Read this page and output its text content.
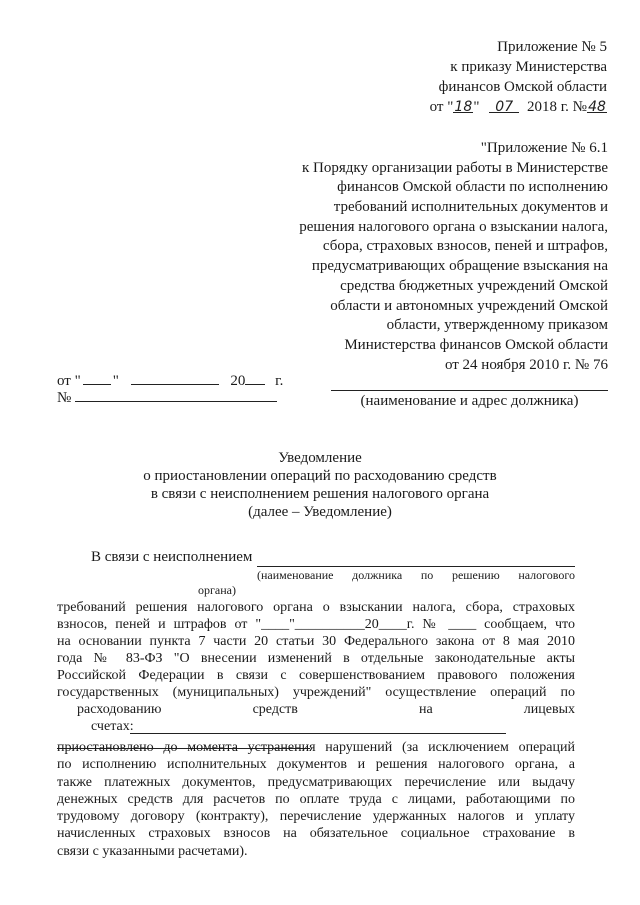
Приложение № 5
к приказу Министерства
финансов Омской области
от "18" 07 2018 г. №48
"Приложение № 6.1
к Порядку организации работы в Министерстве
финансов Омской области по исполнению
требований исполнительных документов и
решения налогового органа о взыскании налога,
сбора, страховых взносов, пеней и штрафов,
предусматривающих обращение взыскания на
средства бюджетных учреждений Омской
области и автономных учреждений Омской
области, утвержденному приказом
Министерства финансов Омской области
от 24 ноября 2010 г. № 76
от " "	20 г.
№	(наименование и адрес должника)
Уведомление
о приостановлении операций по расходованию средств
в связи с неисполнением решения налогового органа
(далее – Уведомление)
В связи с неисполнением
(наименование должника по решению налогового
органа)
требований решения налогового органа о взыскании налога, сбора, страховых
взносов, пеней и штрафов от "____"__________20____г. № ____ сообщаем, что
на основании пункта 7 части 20 статьи 30 Федерального закона от 8 мая 2010
года № 83-ФЗ "О внесении изменений в отдельные законодательные акты
Российской Федерации в связи с совершенствованием правового положения
государственных (муниципальных) учреждений" осуществление операций по
расходованию	средств	на	лицевых
счетах:
приостановлено до момента устранения нарушений (за исключением операций
по исполнению исполнительных документов и решения налогового органа, а
также платежных документов, предусматривающих перечисление или выдачу
денежных средств для расчетов по оплате труда с лицами, работающими по
трудовому договору (контракту), перечисление удержанных налогов и уплату
начисленных страховых взносов на обязательное социальное страхование в
связи с указанными расчетами).
